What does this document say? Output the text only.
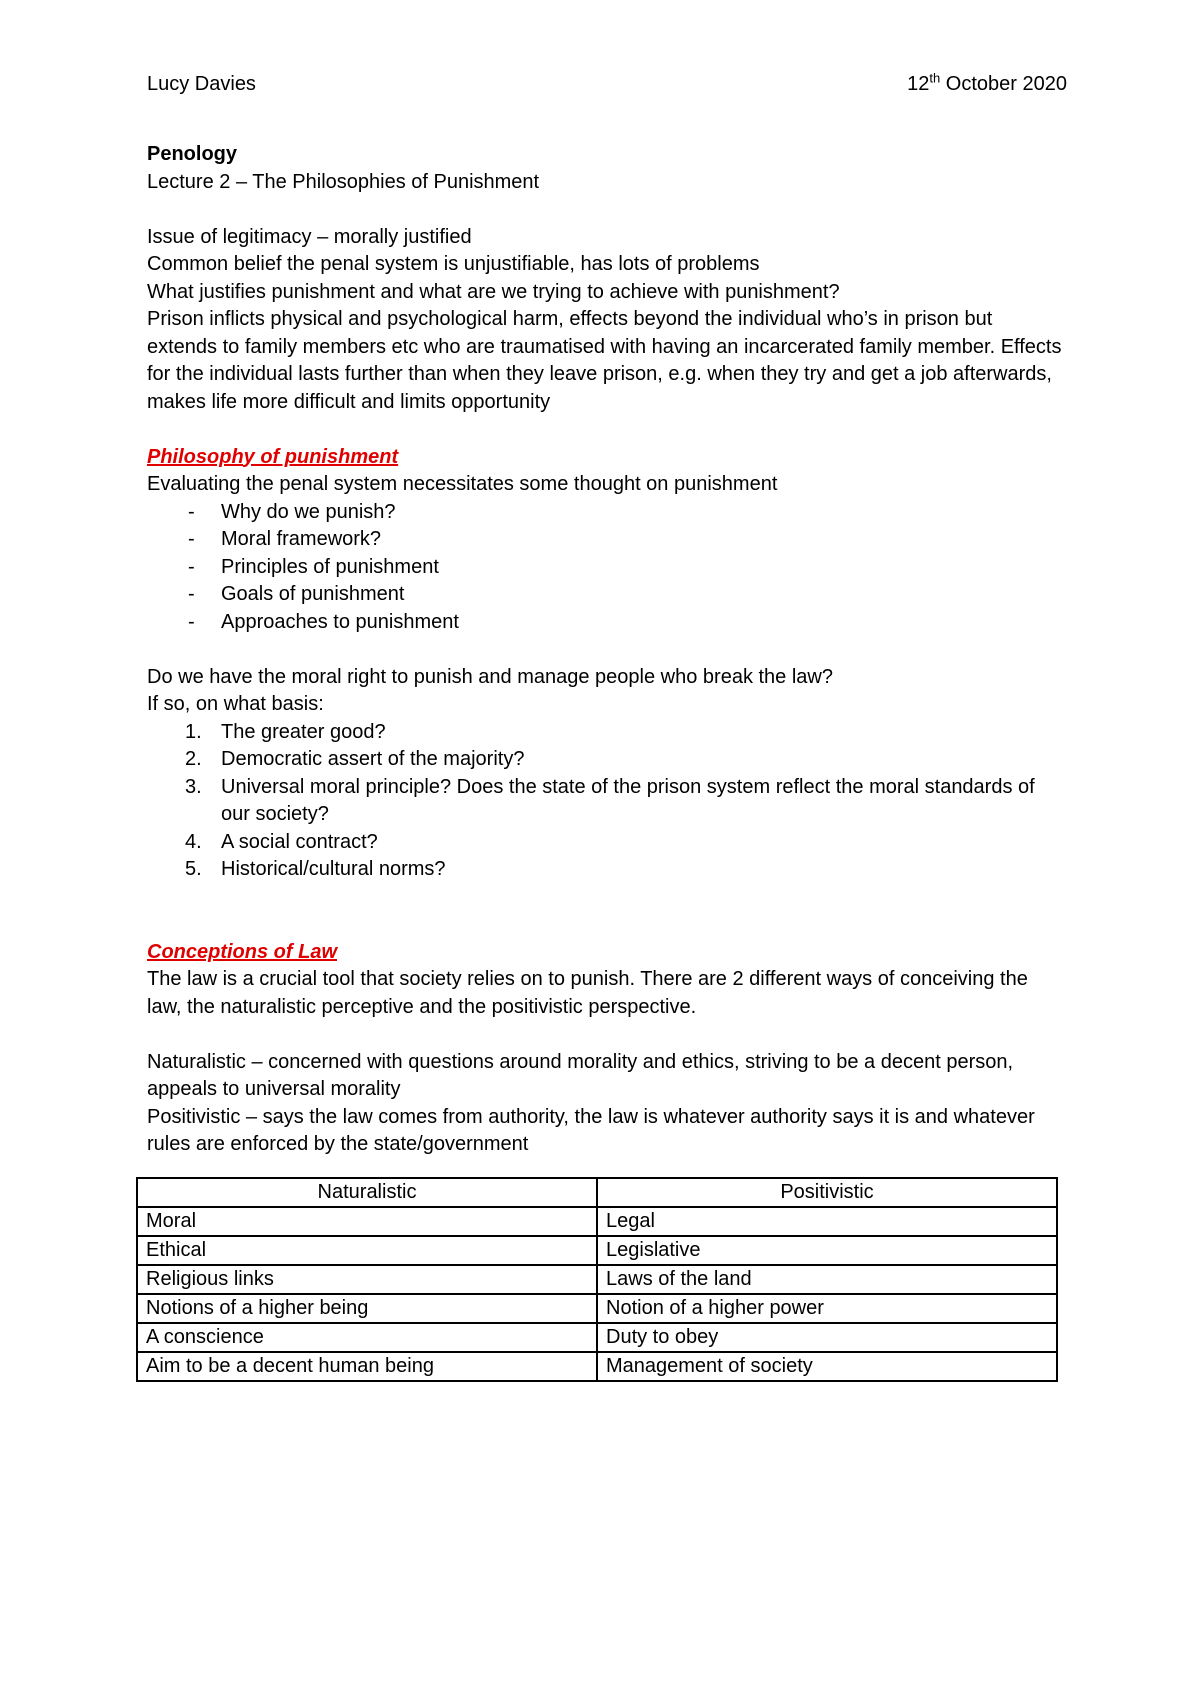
Lucy Davies	12th October 2020
Penology
Lecture 2 – The Philosophies of Punishment
Issue of legitimacy – morally justified
Common belief the penal system is unjustifiable, has lots of problems
What justifies punishment and what are we trying to achieve with punishment?
Prison inflicts physical and psychological harm, effects beyond the individual who’s in prison but extends to family members etc who are traumatised with having an incarcerated family member. Effects for the individual lasts further than when they leave prison, e.g. when they try and get a job afterwards, makes life more difficult and limits opportunity
Philosophy of punishment
Evaluating the penal system necessitates some thought on punishment
- Why do we punish?
- Moral framework?
- Principles of punishment
- Goals of punishment
- Approaches to punishment
Do we have the moral right to punish and manage people who break the law?
If so, on what basis:
1. The greater good?
2. Democratic assert of the majority?
3. Universal moral principle? Does the state of the prison system reflect the moral standards of our society?
4. A social contract?
5. Historical/cultural norms?
Conceptions of Law
The law is a crucial tool that society relies on to punish. There are 2 different ways of conceiving the law, the naturalistic perceptive and the positivistic perspective.
Naturalistic – concerned with questions around morality and ethics, striving to be a decent person, appeals to universal morality
Positivistic – says the law comes from authority, the law is whatever authority says it is and whatever rules are enforced by the state/government
Naturalistic	Positivistic
Moral	Legal
Ethical	Legislative
Religious links	Laws of the land
Notions of a higher being	Notion of a higher power
A conscience	Duty to obey
Aim to be a decent human being	Management of society
